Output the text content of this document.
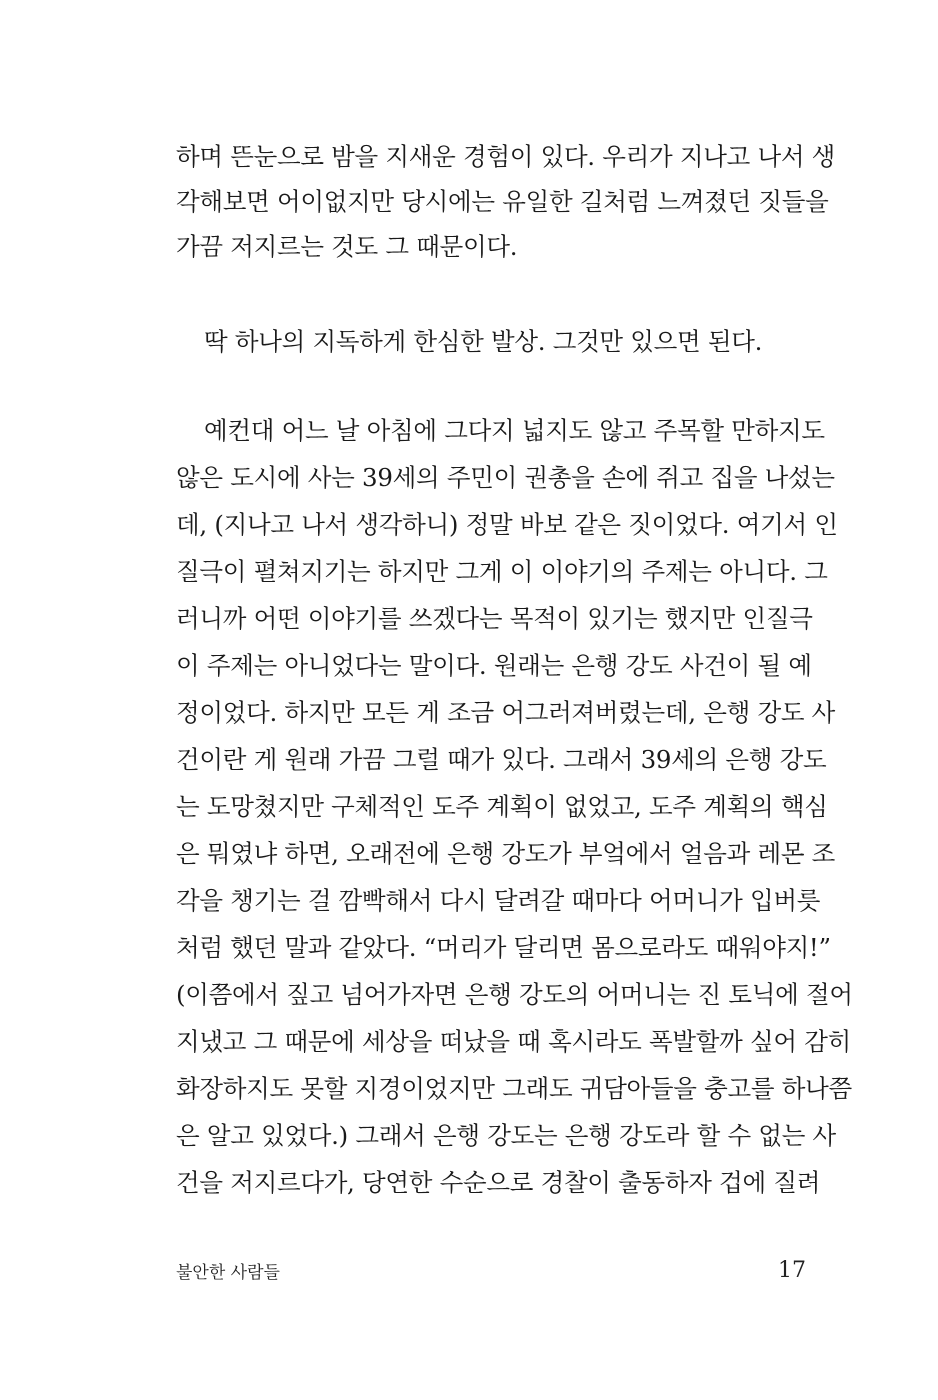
하며 뜬눈으로 밤을 지새운 경험이 있다. 우리가 지나고 나서 생
각해보면 어이없지만 당시에는 유일한 길처럼 느껴졌던 짓들을
가끔 저지르는 것도 그 때문이다.
딱 하나의 지독하게 한심한 발상. 그것만 있으면 된다.
예컨대 어느 날 아침에 그다지 넓지도 않고 주목할 만하지도
않은 도시에 사는 39세의 주민이 권총을 손에 쥐고 집을 나섰는
데, (지나고 나서 생각하니) 정말 바보 같은 짓이었다. 여기서 인
질극이 펼쳐지기는 하지만 그게 이 이야기의 주제는 아니다. 그
러니까 어떤 이야기를 쓰겠다는 목적이 있기는 했지만 인질극
이 주제는 아니었다는 말이다. 원래는 은행 강도 사건이 될 예
정이었다. 하지만 모든 게 조금 어그러져버렸는데, 은행 강도 사
건이란 게 원래 가끔 그럴 때가 있다. 그래서 39세의 은행 강도
는 도망쳤지만 구체적인 도주 계획이 없었고, 도주 계획의 핵심
은 뭐였냐 하면, 오래전에 은행 강도가 부엌에서 얼음과 레몬 조
각을 챙기는 걸 깜빡해서 다시 달려갈 때마다 어머니가 입버릇
처럼 했던 말과 같았다. “머리가 달리면 몸으로라도 때워야지!”
(이쯤에서 짚고 넘어가자면 은행 강도의 어머니는 진 토닉에 절어
지냈고 그 때문에 세상을 떠났을 때 혹시라도 폭발할까 싶어 감히
화장하지도 못할 지경이었지만 그래도 귀담아들을 충고를 하나쯤
은 알고 있었다.) 그래서 은행 강도는 은행 강도라 할 수 없는 사
건을 저지르다가, 당연한 수순으로 경찰이 출동하자 겁에 질려
불안한 사람들	17
